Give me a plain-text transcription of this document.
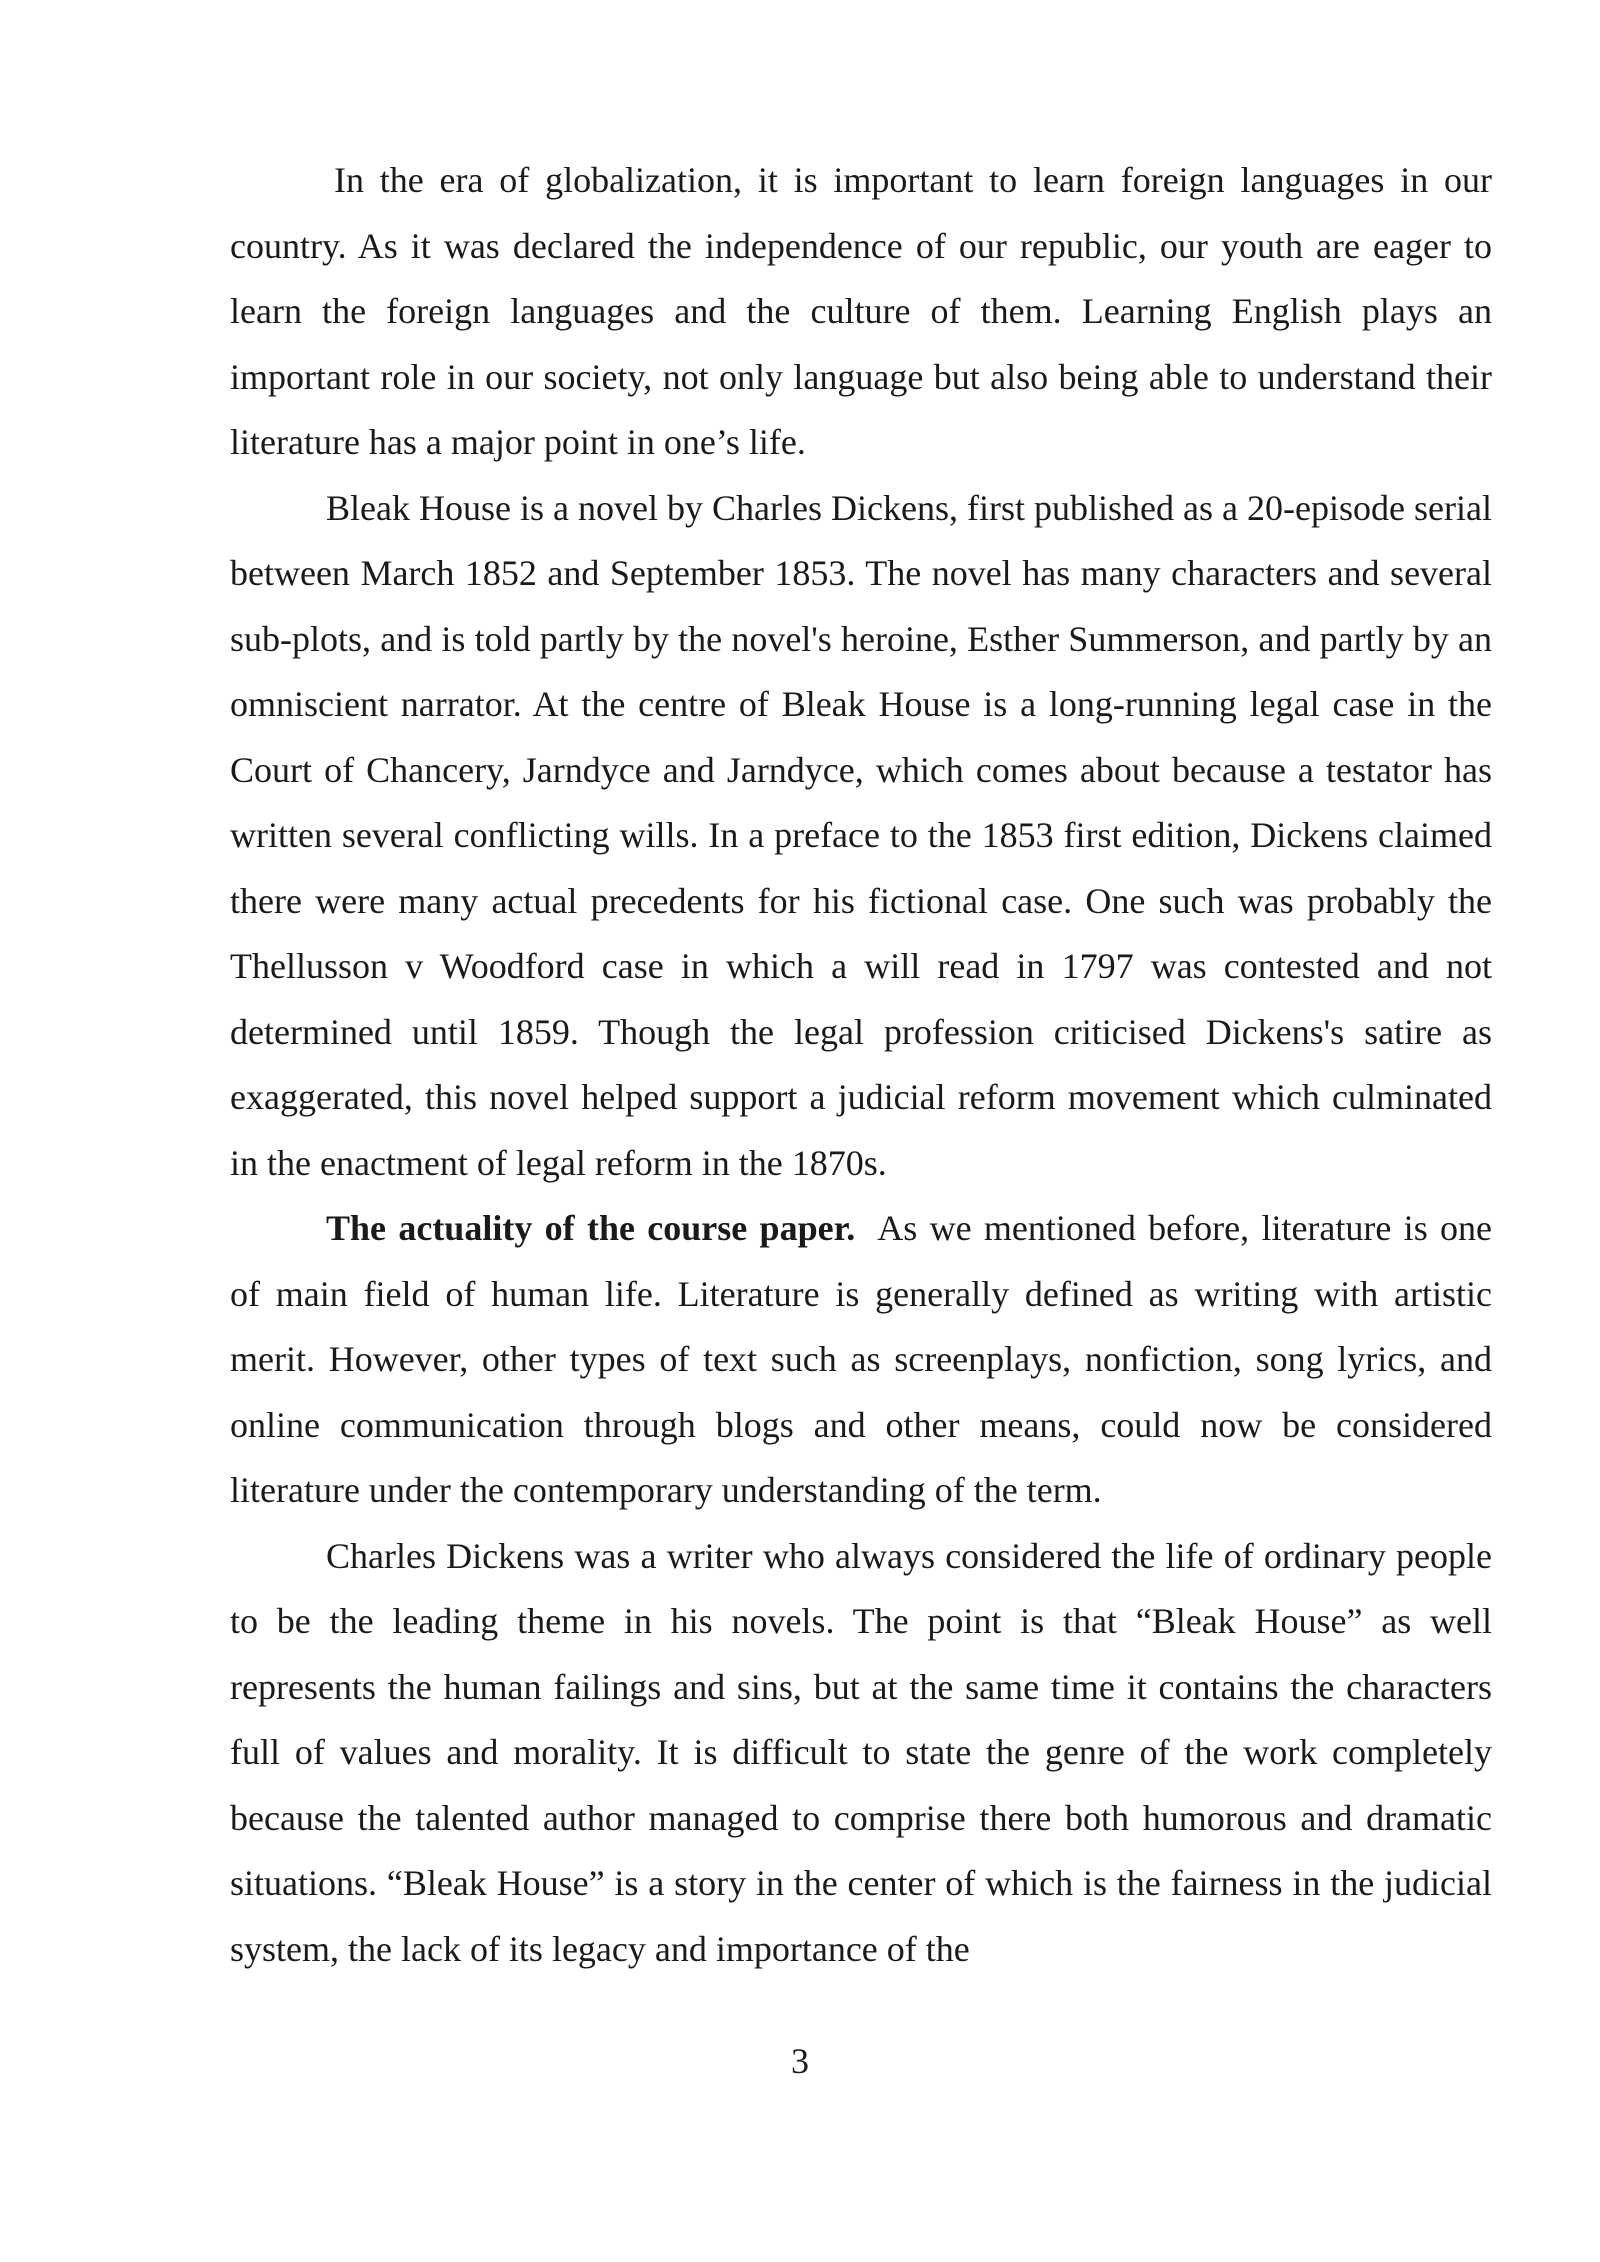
In the era of globalization, it is important to learn foreign languages in our country. As it was declared the independence of our republic, our youth are eager to learn the foreign languages and the culture of them. Learning English plays an important role in our society, not only language but also being able to understand their literature has a major point in one’s life.

Bleak House is a novel by Charles Dickens, first published as a 20-episode serial between March 1852 and September 1853. The novel has many characters and several sub-plots, and is told partly by the novel's heroine, Esther Summerson, and partly by an omniscient narrator. At the centre of Bleak House is a long-running legal case in the Court of Chancery, Jarndyce and Jarndyce, which comes about because a testator has written several conflicting wills. In a preface to the 1853 first edition, Dickens claimed there were many actual precedents for his fictional case. One such was probably the Thellusson v Woodford case in which a will read in 1797 was contested and not determined until 1859. Though the legal profession criticised Dickens's satire as exaggerated, this novel helped support a judicial reform movement which culminated in the enactment of legal reform in the 1870s.

The actuality of the course paper. As we mentioned before, literature is one of main field of human life. Literature is generally defined as writing with artistic merit. However, other types of text such as screenplays, nonfiction, song lyrics, and online communication through blogs and other means, could now be considered literature under the contemporary understanding of the term.

Charles Dickens was a writer who always considered the life of ordinary people to be the leading theme in his novels. The point is that “Bleak House” as well represents the human failings and sins, but at the same time it contains the characters full of values and morality. It is difficult to state the genre of the work completely because the talented author managed to comprise there both humorous and dramatic situations. “Bleak House” is a story in the center of which is the fairness in the judicial system, the lack of its legacy and importance of the

3
